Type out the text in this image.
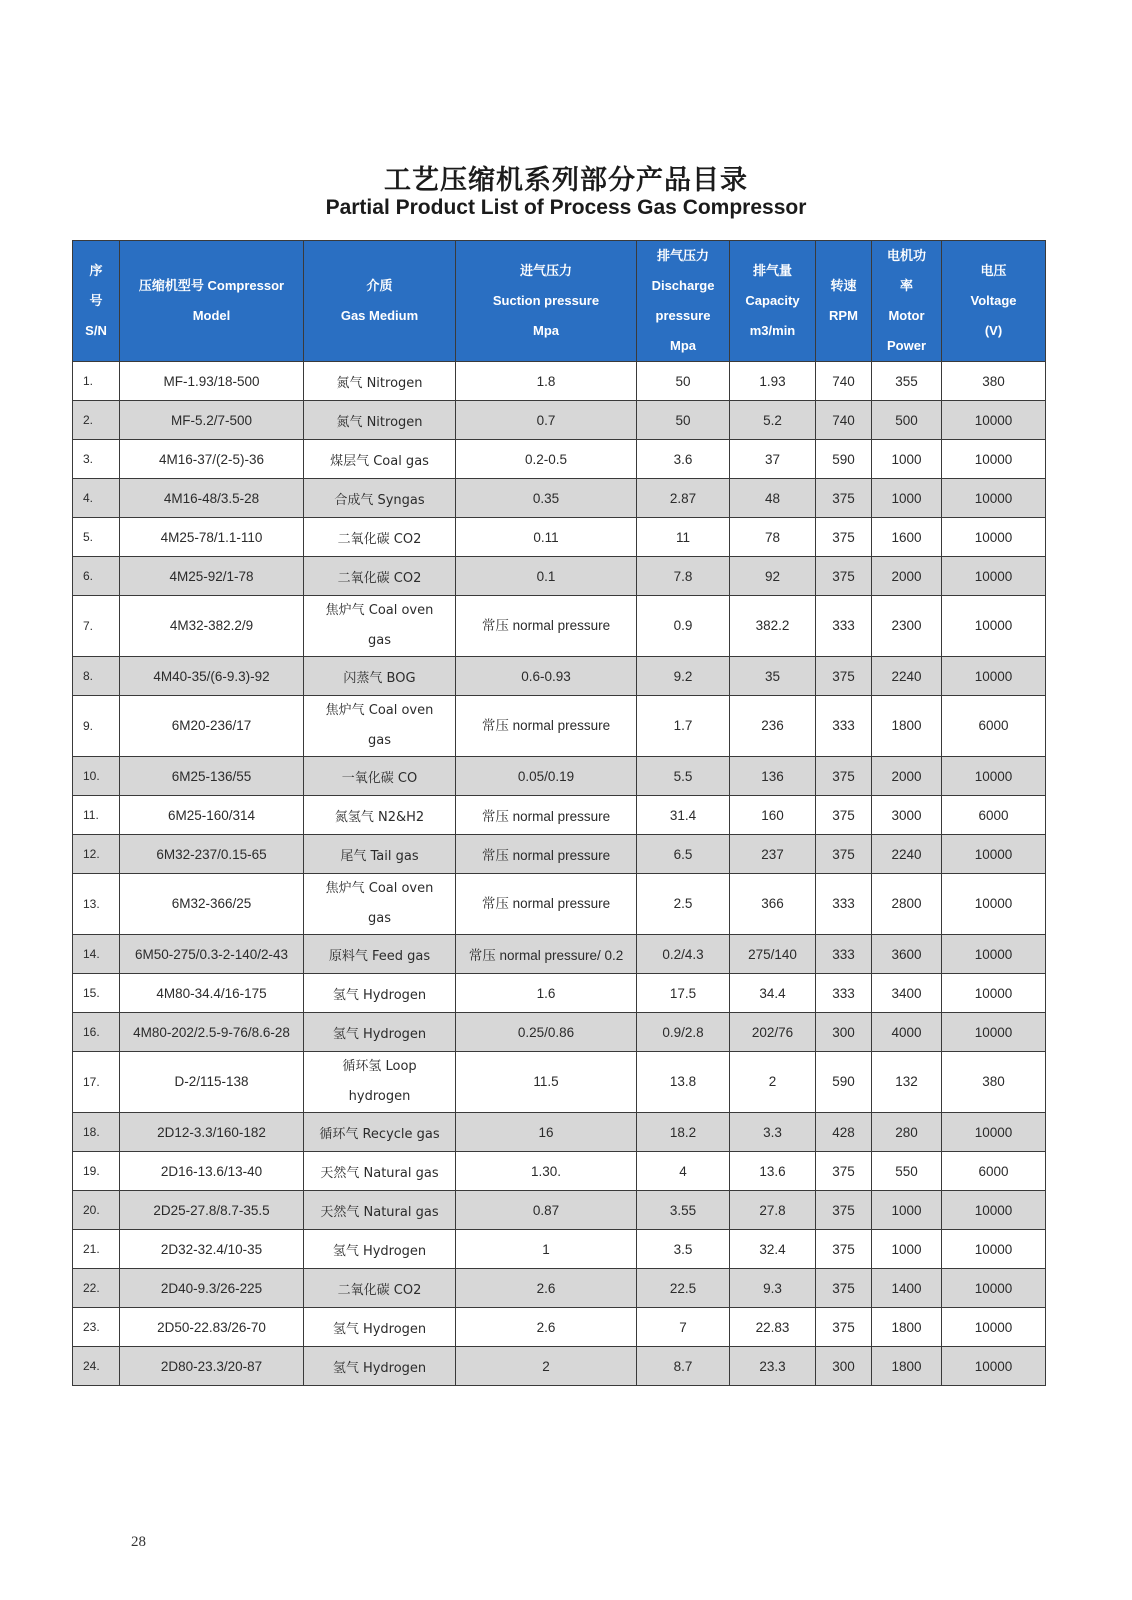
工艺压缩机系列部分产品目录
Partial Product List of Process Gas Compressor
序
号
S/N	压缩机型号 Compressor
Model	介质
Gas Medium	进气压力
Suction pressure
Mpa	排气压力
Discharge
pressure
Mpa	排气量
Capacity
m3/min	转速
RPM	电机功
率
Motor
Power	电压
Voltage
(V)
1.	MF-1.93/18-500	氮气 Nitrogen	1.8	50	1.93	740	355	380
2.	MF-5.2/7-500	氮气 Nitrogen	0.7	50	5.2	740	500	10000
3.	4M16-37/(2-5)-36	煤层气 Coal gas	0.2-0.5	3.6	37	590	1000	10000
4.	4M16-48/3.5-28	合成气 Syngas	0.35	2.87	48	375	1000	10000
5.	4M25-78/1.1-110	二氧化碳 CO2	0.11	11	78	375	1600	10000
6.	4M25-92/1-78	二氧化碳 CO2	0.1	7.8	92	375	2000	10000
7.	4M32-382.2/9	焦炉气 Coal oven
gas	常压 normal pressure	0.9	382.2	333	2300	10000
8.	4M40-35/(6-9.3)-92	闪蒸气 BOG	0.6-0.93	9.2	35	375	2240	10000
9.	6M20-236/17	焦炉气 Coal oven
gas	常压 normal pressure	1.7	236	333	1800	6000
10.	6M25-136/55	一氧化碳 CO	0.05/0.19	5.5	136	375	2000	10000
11.	6M25-160/314	氮氢气 N2&H2	常压 normal pressure	31.4	160	375	3000	6000
12.	6M32-237/0.15-65	尾气 Tail gas	常压 normal pressure	6.5	237	375	2240	10000
13.	6M32-366/25	焦炉气 Coal oven
gas	常压 normal pressure	2.5	366	333	2800	10000
14.	6M50-275/0.3-2-140/2-43	原料气 Feed gas	常压 normal pressure/ 0.2	0.2/4.3	275/140	333	3600	10000
15.	4M80-34.4/16-175	氢气 Hydrogen	1.6	17.5	34.4	333	3400	10000
16.	4M80-202/2.5-9-76/8.6-28	氢气 Hydrogen	0.25/0.86	0.9/2.8	202/76	300	4000	10000
17.	D-2/115-138	循环氢 Loop
hydrogen	11.5	13.8	2	590	132	380
18.	2D12-3.3/160-182	循环气 Recycle gas	16	18.2	3.3	428	280	10000
19.	2D16-13.6/13-40	天然气 Natural gas	1.30.	4	13.6	375	550	6000
20.	2D25-27.8/8.7-35.5	天然气 Natural gas	0.87	3.55	27.8	375	1000	10000
21.	2D32-32.4/10-35	氢气 Hydrogen	1	3.5	32.4	375	1000	10000
22.	2D40-9.3/26-225	二氧化碳 CO2	2.6	22.5	9.3	375	1400	10000
23.	2D50-22.83/26-70	氢气 Hydrogen	2.6	7	22.83	375	1800	10000
24.	2D80-23.3/20-87	氢气 Hydrogen	2	8.7	23.3	300	1800	10000
28
